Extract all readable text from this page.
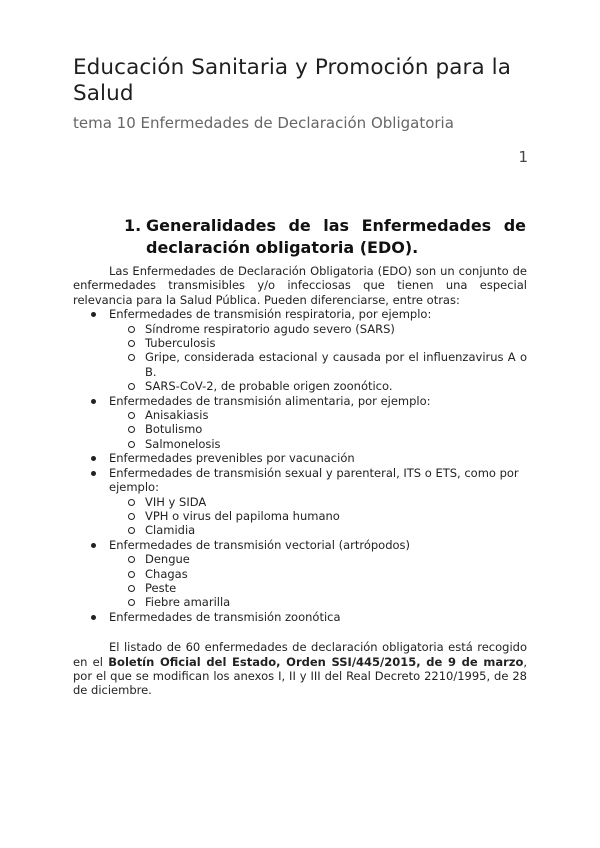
Educación Sanitaria y Promoción para la Salud
tema 10 Enfermedades de Declaración Obligatoria
1
1. Generalidades de las Enfermedades de declaración obligatoria (EDO).

Las Enfermedades de Declaración Obligatoria (EDO) son un conjunto de enfermedades transmisibles y/o infecciosas que tienen una especial relevancia para la Salud Pública. Pueden diferenciarse, entre otras:

Enfermedades de transmisión respiratoria, por ejemplo:
Síndrome respiratorio agudo severo (SARS)
Tuberculosis
Gripe, considerada estacional y causada por el influenzavirus A o B.
SARS-CoV-2, de probable origen zoonótico.
Enfermedades de transmisión alimentaria, por ejemplo:
Anisakiasis
Botulismo
Salmonelosis
Enfermedades prevenibles por vacunación
Enfermedades de transmisión sexual y parenteral, ITS o ETS, como por ejemplo:
VIH y SIDA
VPH o virus del papiloma humano
Clamidia
Enfermedades de transmisión vectorial (artrópodos)
Dengue
Chagas
Peste
Fiebre amarilla
Enfermedades de transmisión zoonótica

El listado de 60 enfermedades de declaración obligatoria está recogido en el Boletín Oficial del Estado, Orden SSI/445/2015, de 9 de marzo, por el que se modifican los anexos I, II y III del Real Decreto 2210/1995, de 28 de diciembre.
